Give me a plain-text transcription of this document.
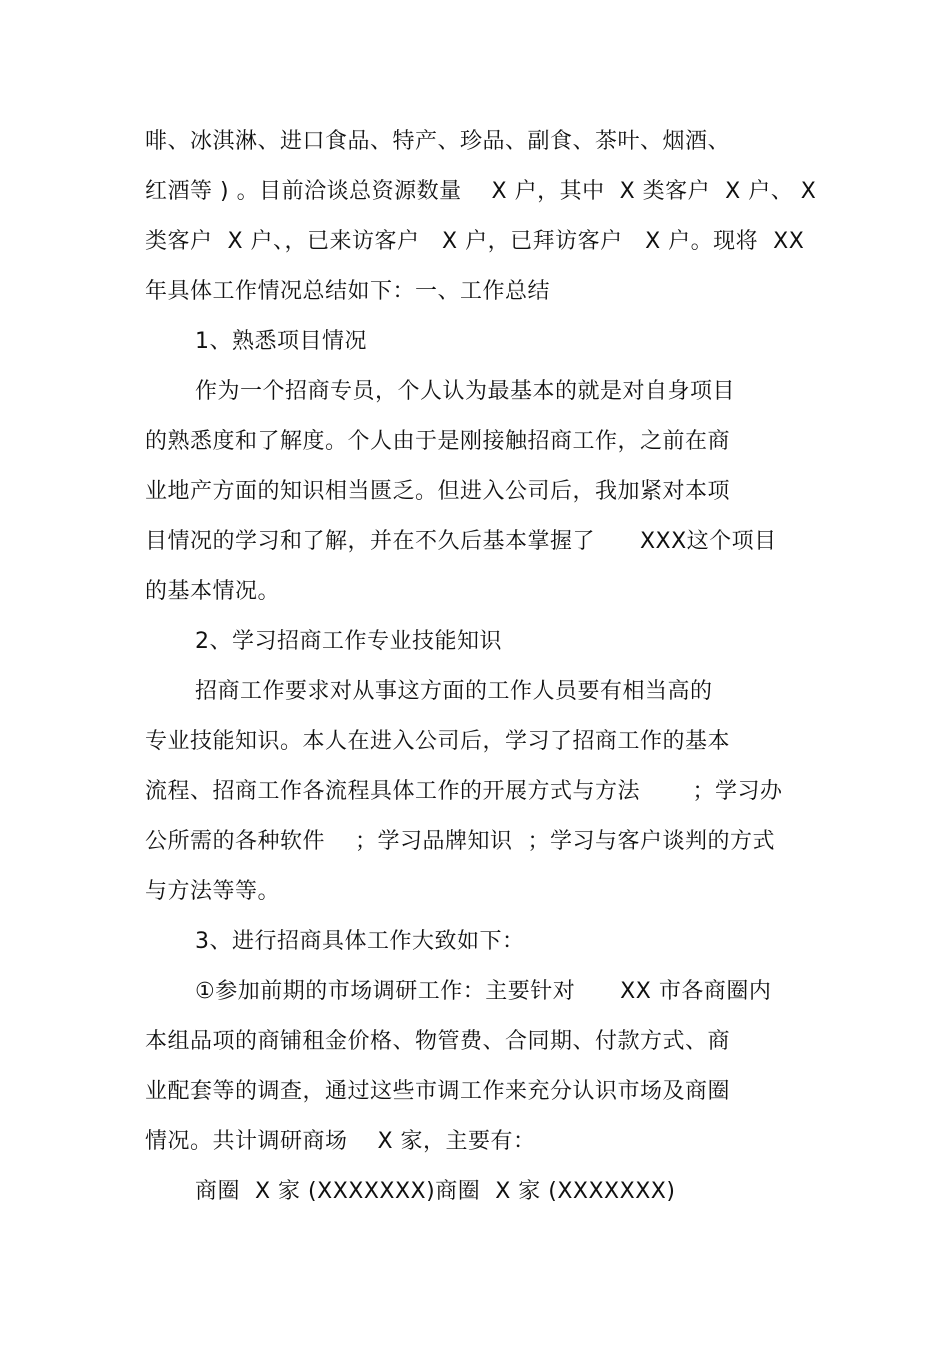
啡、冰淇淋、进口食品、特产、珍品、副食、茶叶、烟酒、
红酒等 ) 。目前洽谈总资源数量    X 户，其中  X 类客户  X 户、 X
类客户  X 户、，已来访客户   X 户，已拜访客户   X 户。现将  XX
年具体工作情况总结如下：一、工作总结
1、熟悉项目情况
作为一个招商专员，个人认为最基本的就是对自身项目
的熟悉度和了解度。个人由于是刚接触招商工作，之前在商
业地产方面的知识相当匮乏。但进入公司后，我加紧对本项
目情况的学习和了解，并在不久后基本掌握了      XXX这个项目
的基本情况。
2、学习招商工作专业技能知识
招商工作要求对从事这方面的工作人员要有相当高的
专业技能知识。本人在进入公司后，学习了招商工作的基本
流程、招商工作各流程具体工作的开展方式与方法       ；学习办
公所需的各种软件    ；学习品牌知识  ；学习与客户谈判的方式
与方法等等。
3、进行招商具体工作大致如下：
①参加前期的市场调研工作：主要针对      XX 市各商圈内
本组品项的商铺租金价格、物管费、合同期、付款方式、商
业配套等的调查，通过这些市调工作来充分认识市场及商圈
情况。共计调研商场    X 家，主要有：
商圈  X 家 (XXXXXXX)商圈  X 家 (XXXXXXX)
